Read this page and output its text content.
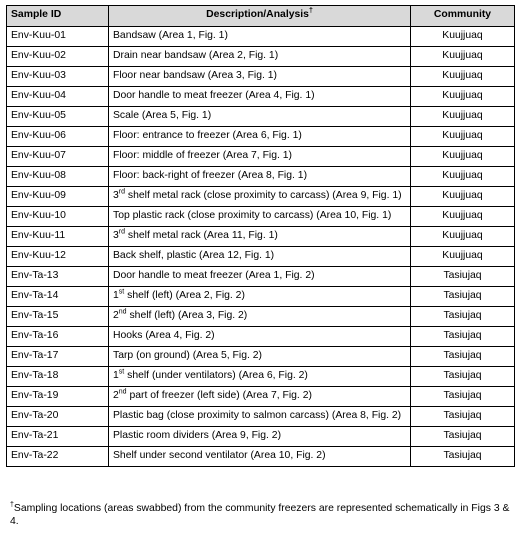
Sample ID	Description/Analysis†	Community
Env-Kuu-01	Bandsaw (Area 1, Fig. 1)	Kuujjuaq
Env-Kuu-02	Drain near bandsaw (Area 2, Fig. 1)	Kuujjuaq
Env-Kuu-03	Floor near bandsaw (Area 3, Fig. 1)	Kuujjuaq
Env-Kuu-04	Door handle to meat freezer (Area 4, Fig. 1)	Kuujjuaq
Env-Kuu-05	Scale (Area 5, Fig. 1)	Kuujjuaq
Env-Kuu-06	Floor: entrance to freezer (Area 6, Fig. 1)	Kuujjuaq
Env-Kuu-07	Floor: middle of freezer (Area 7, Fig. 1)	Kuujjuaq
Env-Kuu-08	Floor: back-right of freezer (Area 8, Fig. 1)	Kuujjuaq
Env-Kuu-09	3rd shelf metal rack (close proximity to carcass) (Area 9, Fig. 1)	Kuujjuaq
Env-Kuu-10	Top plastic rack (close proximity to carcass) (Area 10, Fig. 1)	Kuujjuaq
Env-Kuu-11	3rd shelf metal rack (Area 11, Fig. 1)	Kuujjuaq
Env-Kuu-12	Back shelf, plastic (Area 12, Fig. 1)	Kuujjuaq
Env-Ta-13	Door handle to meat freezer (Area 1, Fig. 2)	Tasiujaq
Env-Ta-14	1st shelf (left) (Area 2, Fig. 2)	Tasiujaq
Env-Ta-15	2nd shelf (left) (Area 3, Fig. 2)	Tasiujaq
Env-Ta-16	Hooks (Area 4, Fig. 2)	Tasiujaq
Env-Ta-17	Tarp (on ground) (Area 5, Fig. 2)	Tasiujaq
Env-Ta-18	1st shelf (under ventilators) (Area 6, Fig. 2)	Tasiujaq
Env-Ta-19	2nd part of freezer (left side) (Area 7, Fig. 2)	Tasiujaq
Env-Ta-20	Plastic bag (close proximity to salmon carcass) (Area 8, Fig. 2)	Tasiujaq
Env-Ta-21	Plastic room dividers (Area 9, Fig. 2)	Tasiujaq
Env-Ta-22	Shelf under second ventilator (Area 10, Fig. 2)	Tasiujaq
†Sampling locations (areas swabbed) from the community freezers are represented schematically in Figs 3 & 4.
